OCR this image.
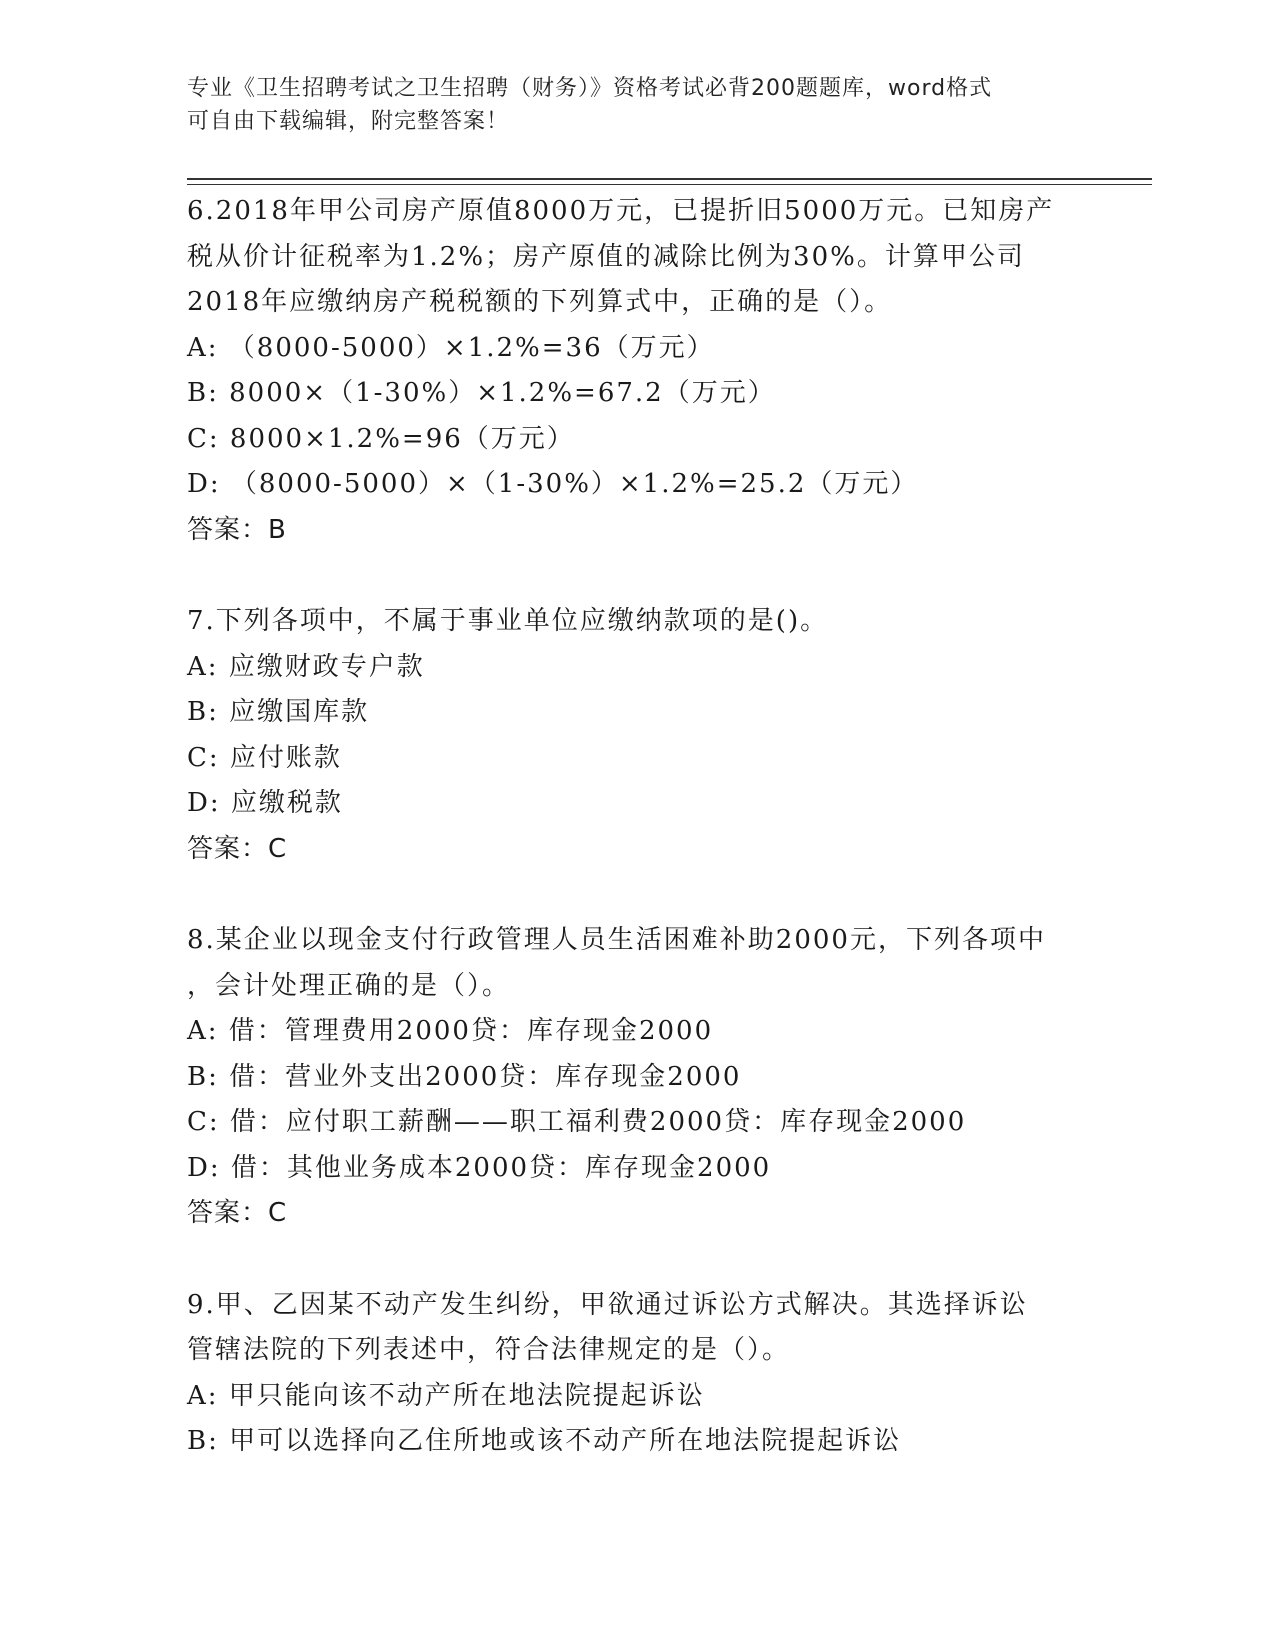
专业《卫生招聘考试之卫生招聘（财务）》资格考试必背200题题库，word格式
可自由下载编辑，附完整答案！
6.2018年甲公司房产原值8000万元，已提折旧5000万元。已知房产
税从价计征税率为1.2%；房产原值的减除比例为30%。计算甲公司
2018年应缴纳房产税税额的下列算式中，正确的是（）。
A: （8000-5000）×1.2%=36（万元）
B: 8000×（1-30%）×1.2%=67.2（万元）
C: 8000×1.2%=96（万元）
D: （8000-5000）×（1-30%）×1.2%=25.2（万元）
答案：B
7.下列各项中，不属于事业单位应缴纳款项的是()。
A: 应缴财政专户款
B: 应缴国库款
C: 应付账款
D: 应缴税款
答案：C
8.某企业以现金支付行政管理人员生活困难补助2000元，下列各项中
，会计处理正确的是（）。
A: 借：管理费用2000贷：库存现金2000
B: 借：营业外支出2000贷：库存现金2000
C: 借：应付职工薪酬——职工福利费2000贷：库存现金2000
D: 借：其他业务成本2000贷：库存现金2000
答案：C
9.甲、乙因某不动产发生纠纷，甲欲通过诉讼方式解决。其选择诉讼
管辖法院的下列表述中，符合法律规定的是（）。
A: 甲只能向该不动产所在地法院提起诉讼
B: 甲可以选择向乙住所地或该不动产所在地法院提起诉讼
